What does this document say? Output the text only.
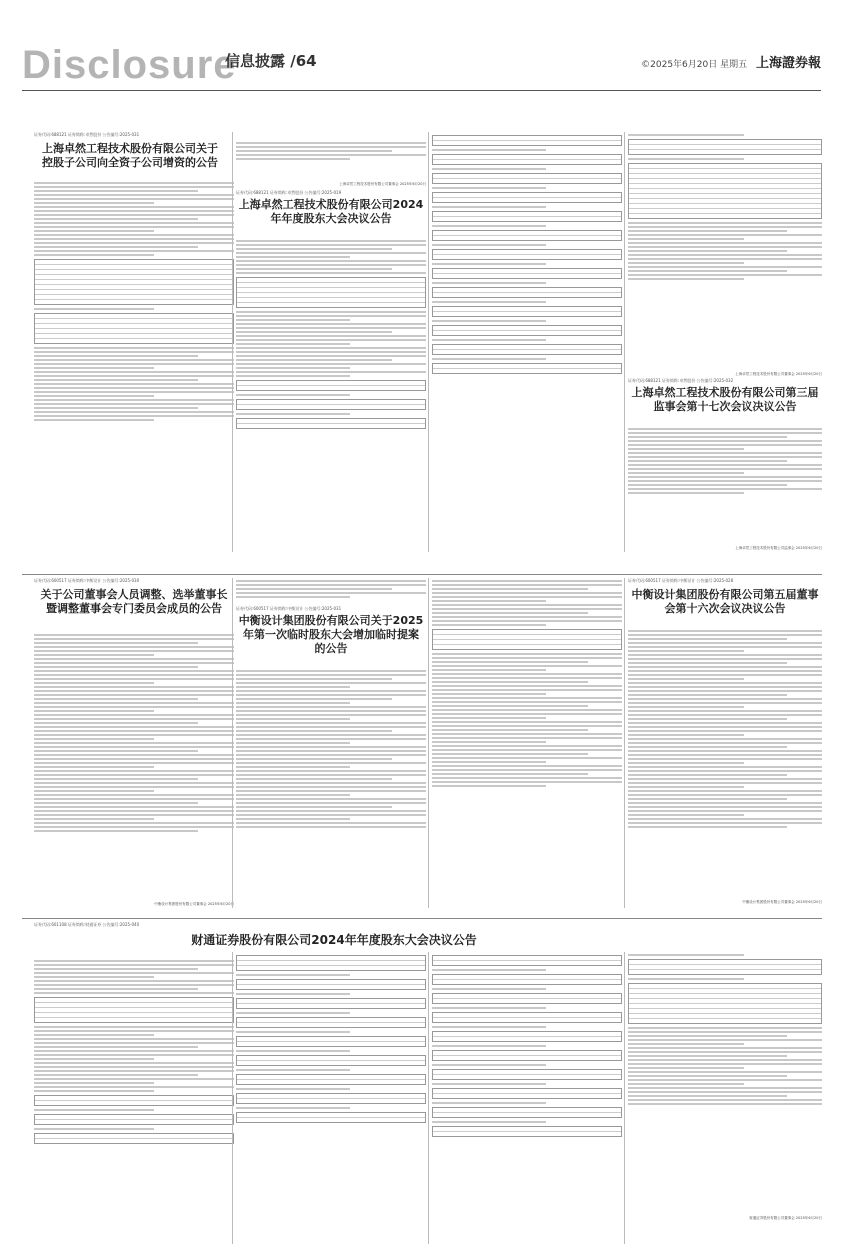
Disclosure
信息披露 /64	©2025年6月20日 星期五 上海證券報
证券代码:688121 证券简称:卓然股份 公告编号:2025-031
上海卓然工程技术股份有限公司关于控股子公司向全资子公司增资的公告
上海卓然工程技术股份有限公司董事会 2025年6月20日
证券代码:688121 证券简称:卓然股份 公告编号:2025-019
上海卓然工程技术股份有限公司2024年年度股东大会决议公告
上海卓然工程技术股份有限公司董事会 2025年6月20日
证券代码:688121 证券简称:卓然股份 公告编号:2025-032
上海卓然工程技术股份有限公司第三届监事会第十七次会议决议公告
上海卓然工程技术股份有限公司监事会 2025年6月20日
证券代码:600517 证券简称:中衡设计 公告编号:2025-030
关于公司董事会人员调整、选举董事长暨调整董事会专门委员会成员的公告
中衡设计集团股份有限公司董事会 2025年6月20日
证券代码:600517 证券简称:中衡设计 公告编号:2025-031
中衡设计集团股份有限公司关于2025年第一次临时股东大会增加临时提案的公告
证券代码:600517 证券简称:中衡设计 公告编号:2025-028
中衡设计集团股份有限公司第五届董事会第十六次会议决议公告
中衡设计集团股份有限公司董事会 2025年6月20日
证券代码:601108 证券简称:财通证券 公告编号:2025-040
财通证券股份有限公司2024年年度股东大会决议公告
财通证券股份有限公司董事会 2025年6月20日
